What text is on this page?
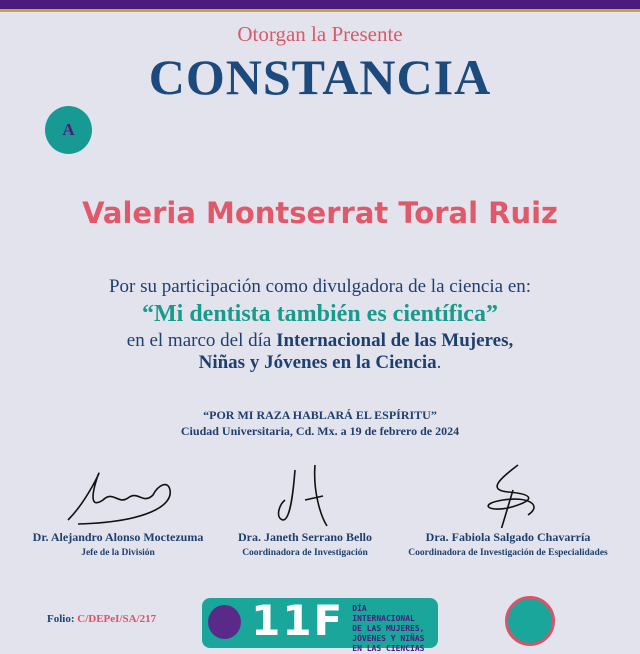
Otorgan la Presente
CONSTANCIA
A
Valeria Montserrat Toral Ruiz
Por su participación como divulgadora de la ciencia en:
“Mi dentista también es científica”
en el marco del día Internacional de las Mujeres,
Niñas y Jóvenes en la Ciencia.
“POR MI RAZA HABLARÁ EL ESPÍRITU”
Ciudad Universitaria, Cd. Mx. a 19 de febrero de 2024
Dr. Alejandro Alonso Moctezuma
Jefe de la División
Dra. Janeth Serrano Bello
Coordinadora de Investigación
Dra. Fabiola Salgado Chavarría
Coordinadora de Investigación de Especialidades
Folio: C/DEPeI/SA/217 11F DÍA INTERNACIONAL
DE LAS MUJERES,
JÓVENES Y NIÑAS
EN LAS CIENCIAS
